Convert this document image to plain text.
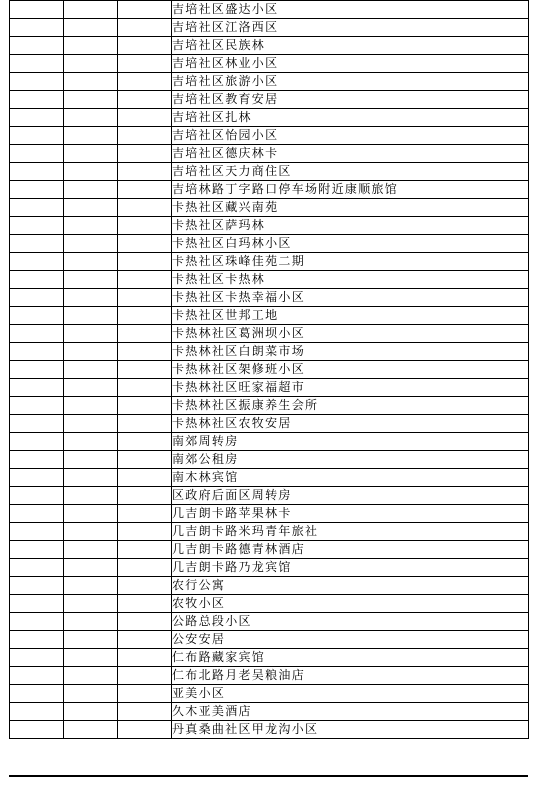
			吉培社区盛达小区
			吉培社区江洛西区
			吉培社区民族林
			吉培社区林业小区
			吉培社区旅游小区
			吉培社区教育安居
			吉培社区扎林
			吉培社区怡园小区
			吉培社区德庆林卡
			吉培社区天力商住区
			吉培林路丁字路口停车场附近康顺旅馆
			卡热社区藏兴南苑
			卡热社区萨玛林
			卡热社区白玛林小区
			卡热社区珠峰佳苑二期
			卡热社区卡热林
			卡热社区卡热幸福小区
			卡热社区世邦工地
			卡热林社区葛洲坝小区
			卡热林社区白朗菜市场
			卡热林社区架修班小区
			卡热林社区旺家福超市
			卡热林社区振康养生会所
			卡热林社区农牧安居
			南郊周转房
			南郊公租房
			南木林宾馆
			区政府后面区周转房
			几吉朗卡路苹果林卡
			几吉朗卡路米玛青年旅社
			几吉朗卡路德青林酒店
			几吉朗卡路乃龙宾馆
			农行公寓
			农牧小区
			公路总段小区
			公安安居
			仁布路藏家宾馆
			仁布北路月老吴粮油店
			亚美小区
			久木亚美酒店
			丹真桑曲社区甲龙沟小区
